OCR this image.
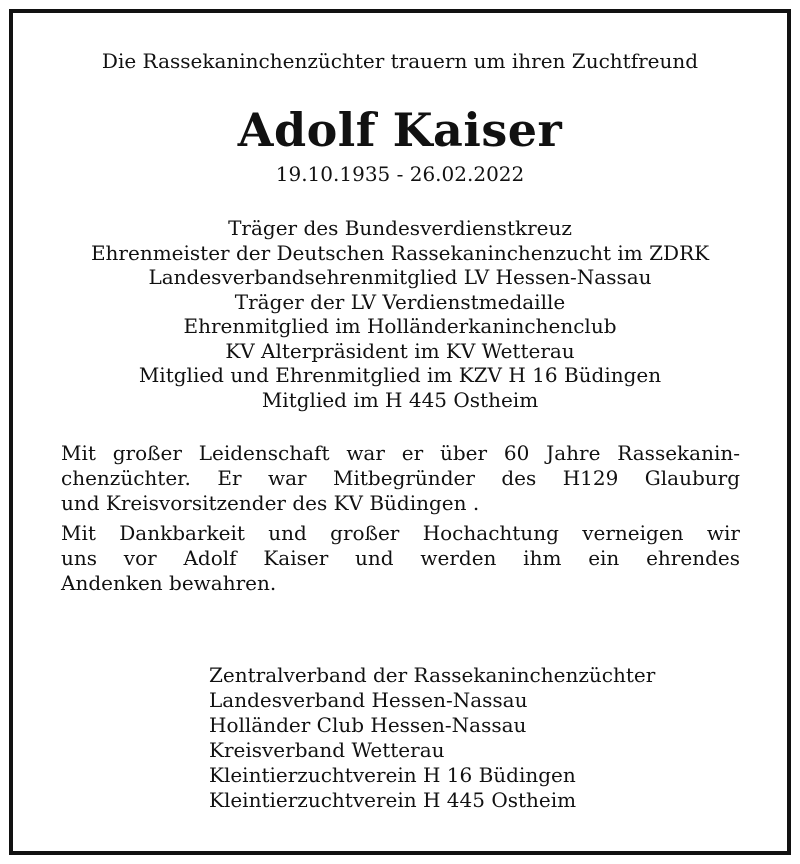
Die Rassekaninchenzüchter trauern um ihren Zuchtfreund
Adolf Kaiser
19.10.1935 - 26.02.2022
Träger des Bundesverdienstkreuz
Ehrenmeister der Deutschen Rassekaninchenzucht im ZDRK
Landesverbandsehrenmitglied LV Hessen-Nassau
Träger der LV Verdienstmedaille
Ehrenmitglied im Holländerkaninchenclub
KV Alterpräsident im KV Wetterau
Mitglied und Ehrenmitglied im KZV H 16 Büdingen
Mitglied im H 445 Ostheim
Mit großer Leidenschaft war er über 60 Jahre Rassekanin-
chenzüchter. Er war Mitbegründer des H129 Glauburg
und Kreisvorsitzender des KV Büdingen .
Mit Dankbarkeit und großer Hochachtung verneigen wir
uns vor Adolf Kaiser und werden ihm ein ehrendes
Andenken bewahren.
Zentralverband der Rassekaninchenzüchter
Landesverband Hessen-Nassau
Holländer Club Hessen-Nassau
Kreisverband Wetterau
Kleintierzuchtverein H 16 Büdingen
Kleintierzuchtverein H 445 Ostheim
